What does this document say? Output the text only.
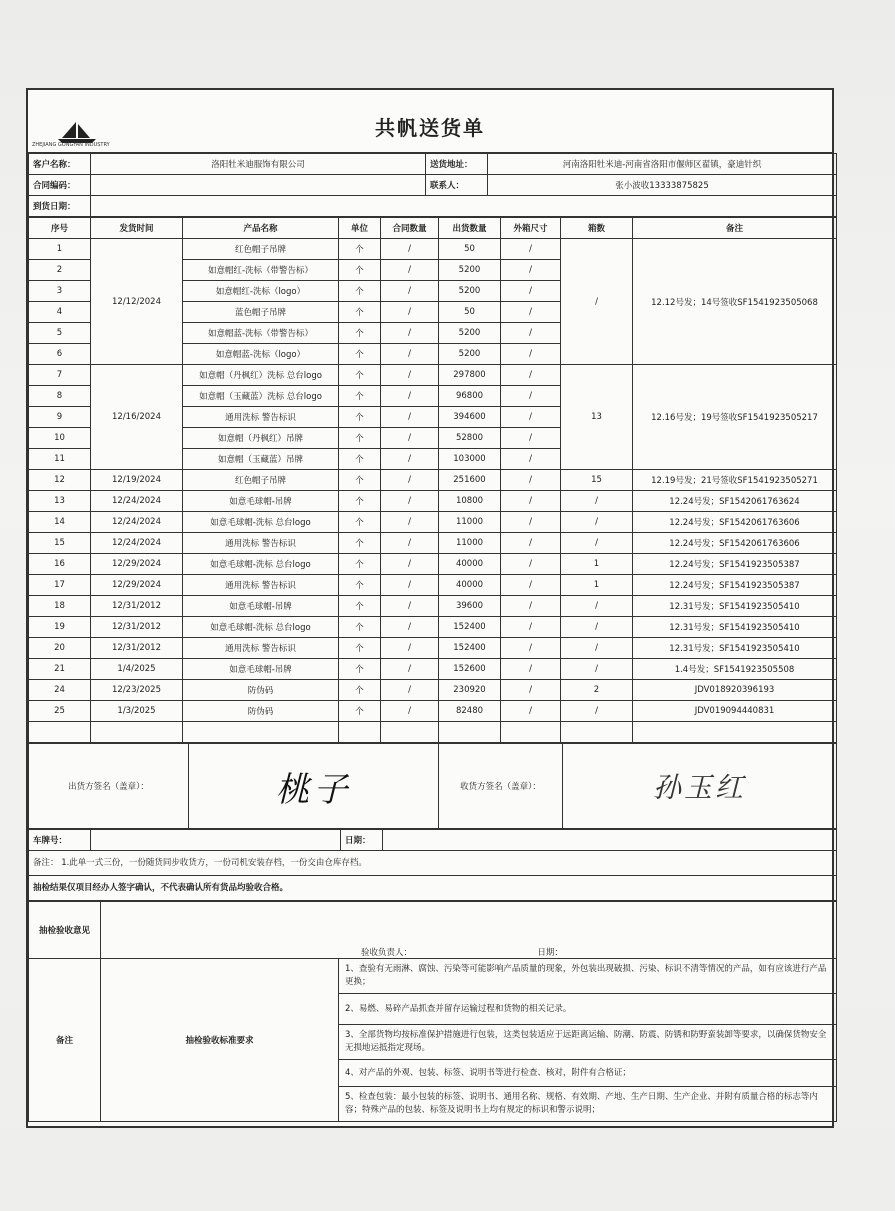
ZHEJIANG GONGFAN INDUSTRY
共帆送货单
客户名称：	洛阳牡米迪服饰有限公司	送货地址：	河南洛阳牡米迪-河南省洛阳市偃师区翟镇，豪迪针织
合同编码：		联系人：	张小波收13333875825
到货日期：			
序号	发货时间	产品名称	单位	合同数量	出货数量	外箱尺寸	箱数	备注
1	12/12/2024	红色帽子吊牌	个	/	50	/	/	12.12号发；14号签收SF1541923505068
2		如意帽红-洗标（带警告标）	个	/	5200	/		
3		如意帽红-洗标（logo）	个	/	5200	/		
4		蓝色帽子吊牌	个	/	50	/		
5		如意帽蓝-洗标（带警告标）	个	/	5200	/		
6		如意帽蓝-洗标（logo）	个	/	5200	/		
7	12/16/2024	如意帽（丹枫红）洗标 总台logo	个	/	297800	/	13	12.16号发；19号签收SF1541923505217
8		如意帽（玉藏蓝）洗标 总台logo	个	/	96800	/		
9		通用洗标 警告标识	个	/	394600	/		
10		如意帽（丹枫红）吊牌	个	/	52800	/		
11		如意帽（玉藏蓝）吊牌	个	/	103000	/		
12	12/19/2024	红色帽子吊牌	个	/	251600	/	15	12.19号发；21号签收SF1541923505271
13	12/24/2024	如意毛球帽-吊牌	个	/	10800	/	/	12.24号发；SF1542061763624
14	12/24/2024	如意毛球帽-洗标 总台logo	个	/	11000	/	/	12.24号发；SF1542061763606
15	12/24/2024	通用洗标 警告标识	个	/	11000	/	/	12.24号发；SF1542061763606
16	12/29/2024	如意毛球帽-洗标 总台logo	个	/	40000	/	1	12.24号发；SF1541923505387
17	12/29/2024	通用洗标 警告标识	个	/	40000	/	1	12.24号发；SF1541923505387
18	12/31/2012	如意毛球帽-吊牌	个	/	39600	/	/	12.31号发；SF1541923505410
19	12/31/2012	如意毛球帽-洗标 总台logo	个	/	152400	/	/	12.31号发；SF1541923505410
20	12/31/2012	通用洗标 警告标识	个	/	152400	/	/	12.31号发；SF1541923505410
21	1/4/2025	如意毛球帽-吊牌	个	/	152600	/	/	1.4号发；SF1541923505508
24	12/23/2025	防伪码	个	/	230920	/	2	JDV018920396193
25	1/3/2025	防伪码	个	/	82480	/	/	JDV019094440831

出货方签名（盖章）：	桃子	收货方签名（盖章）：	孙玉红
车牌号：		日期：	
备注： 1.此单一式三份，一份随货同步收货方，一份司机安装存档，一份交由仓库存档。
抽检结果仅项目经办人签字确认，不代表确认所有货品均验收合格。
抽检验收意见	验收负责人： 日期：	
备注	抽检验收标准要求	1、查验有无雨淋、腐蚀、污染等可能影响产品质量的现象，外包装出现破损、污染、标识不清等情况的产品，如有应该进行产品更换；
		2、易燃、易碎产品抓查并留存运输过程和货物的相关记录。
		3、全部货物均按标准保护措施进行包装，这类包装适应于远距离运输、防潮、防震、防锈和防野蛮装卸等要求，以确保货物安全无损地运抵指定现场。
		4、对产品的外观、包装、标签、说明书等进行检查、核对，附件有合格证；
		5、检查包装：最小包装的标签、说明书、通用名称、规格、有效期、产地、生产日期、生产企业、并附有质量合格的标志等内容；特殊产品的包装、标签及说明书上均有规定的标识和警示说明；
